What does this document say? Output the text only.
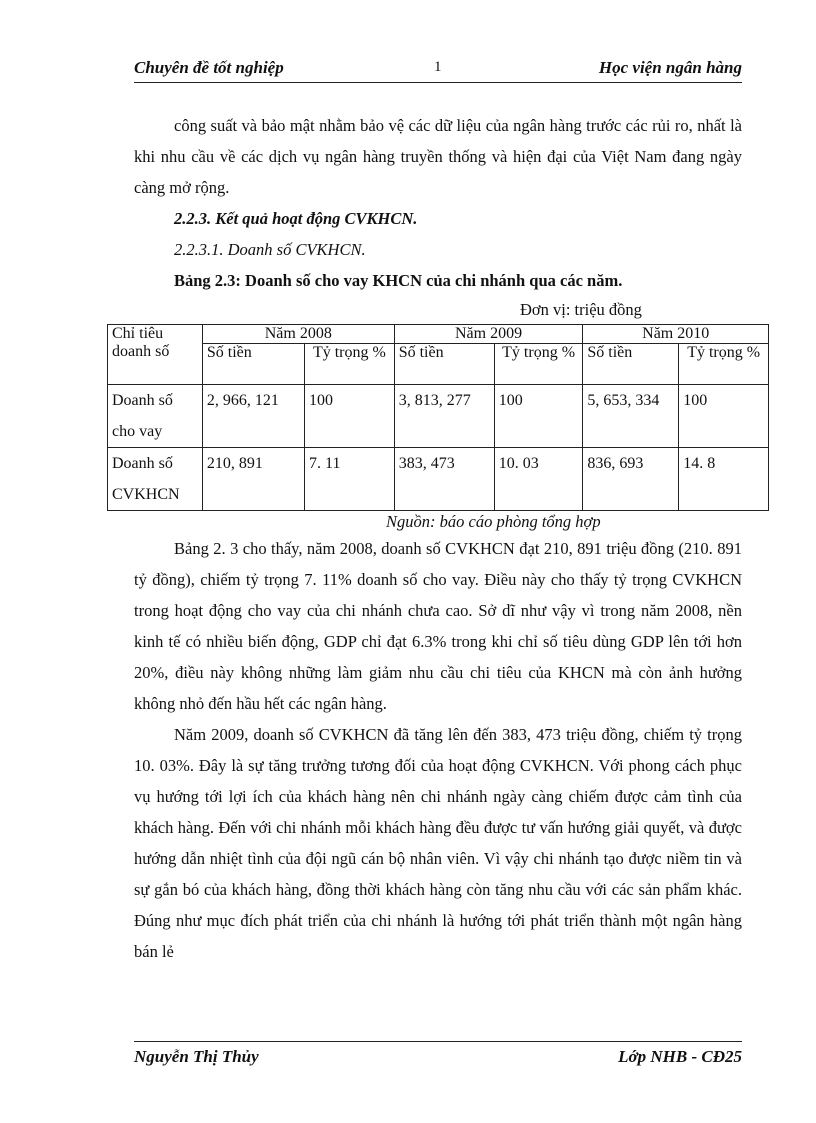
Chuyên đề tốt nghiệp	1	Học viện ngân hàng

công suất và bảo mật nhằm bảo vệ các dữ liệu của ngân hàng trước các rủi ro, nhất là khi nhu cầu về các dịch vụ ngân hàng truyền thống và hiện đại của Việt Nam đang ngày càng mở rộng.

2.2.3. Kết quả hoạt động CVKHCN.

2.2.3.1. Doanh số CVKHCN.

Bảng 2.3: Doanh số cho vay KHCN của chi nhánh qua các năm.

Đơn vị: triệu đồng

Chỉ tiêu doanh số	Năm 2008		Năm 2009		Năm 2010	
	Số tiền	Tỷ trọng %	Số tiền	Tỷ trọng %	Số tiền	Tỷ trọng %

Doanh số cho vay	2, 966, 121	100	3, 813, 277	100	5, 653, 334	100
Doanh số CVKHCN	210, 891	7. 11	383, 473	10. 03	836, 693	14. 8

Nguồn: báo cáo phòng tổng hợp

Bảng 2. 3 cho thấy, năm 2008, doanh số CVKHCN đạt 210, 891 triệu đồng (210. 891 tỷ đồng), chiếm tỷ trọng 7. 11% doanh số cho vay. Điều này cho thấy tỷ trọng CVKHCN trong hoạt động cho vay của chi nhánh chưa cao. Sở dĩ như vậy vì trong năm 2008, nền kinh tế có nhiều biến động, GDP chỉ đạt 6.3% trong khi chỉ số tiêu dùng GDP lên tới hơn 20%, điều này không những làm giảm nhu cầu chi tiêu của KHCN mà còn ảnh hưởng không nhỏ đến hầu hết các ngân hàng.

Năm 2009, doanh số CVKHCN đã tăng lên đến 383, 473 triệu đồng, chiếm tỷ trọng 10. 03%. Đây là sự tăng trưởng tương đối của hoạt động CVKHCN. Với phong cách phục vụ hướng tới lợi ích của khách hàng nên chi nhánh ngày càng chiếm được cảm tình của khách hàng. Đến với chi nhánh mỗi khách hàng đều được tư vấn hướng giải quyết, và được hướng dẫn nhiệt tình của đội ngũ cán bộ nhân viên. Vì vậy chi nhánh tạo được niềm tin và sự gắn bó của khách hàng, đồng thời khách hàng còn tăng nhu cầu với các sản phẩm khác. Đúng như mục đích phát triển của chi nhánh là hướng tới phát triển thành một ngân hàng bán lẻ

Nguyễn Thị Thủy	Lớp NHB - CĐ25
